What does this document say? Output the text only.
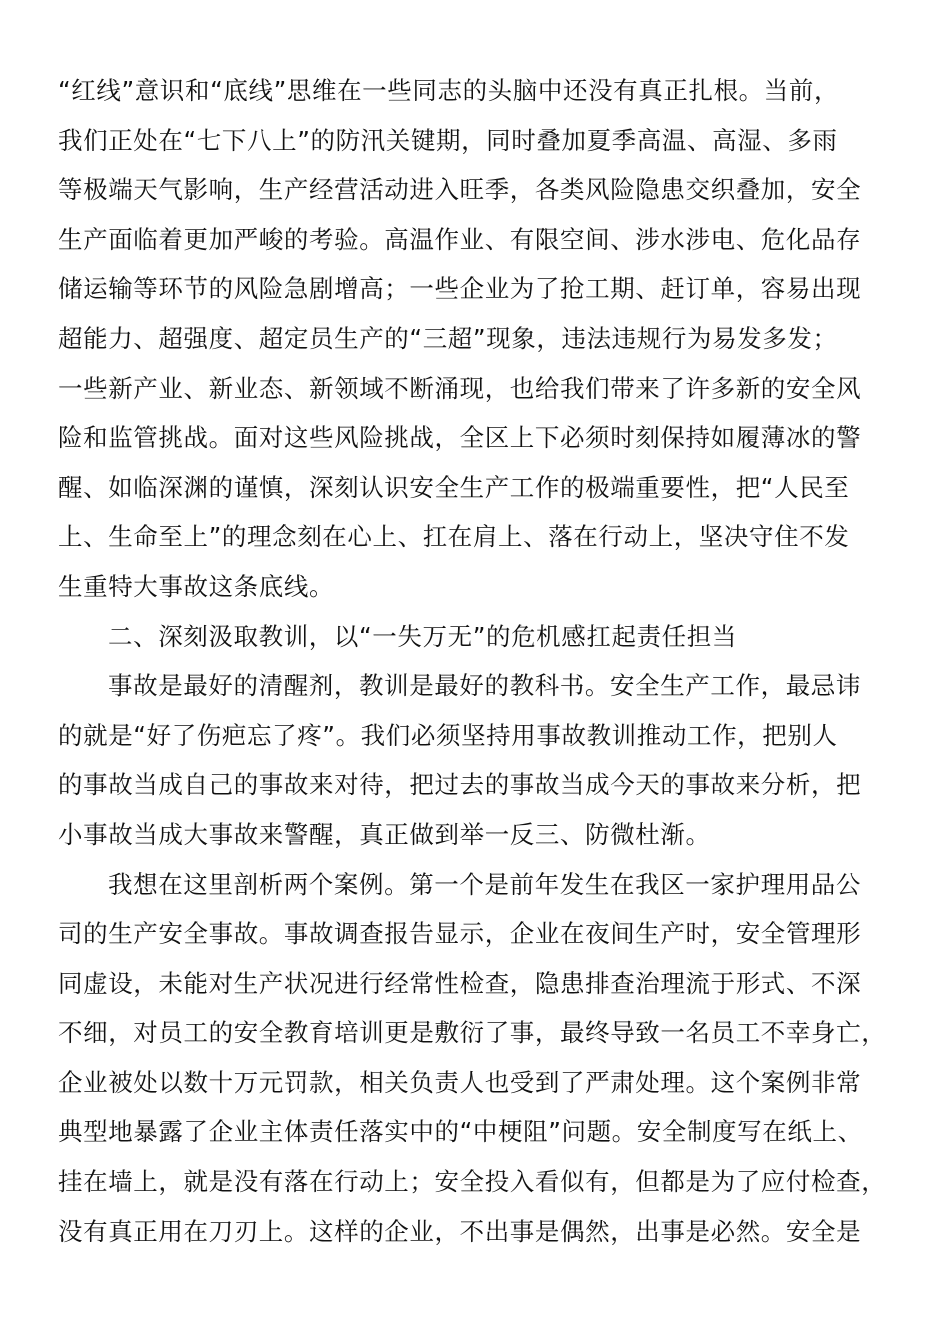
“红线”意识和“底线”思维在一些同志的头脑中还没有真正扎根。当前，
我们正处在“七下八上”的防汛关键期，同时叠加夏季高温、高湿、多雨
等极端天气影响，生产经营活动进入旺季，各类风险隐患交织叠加，安全
生产面临着更加严峻的考验。高温作业、有限空间、涉水涉电、危化品存
储运输等环节的风险急剧增高；一些企业为了抢工期、赶订单，容易出现
超能力、超强度、超定员生产的“三超”现象，违法违规行为易发多发；
一些新产业、新业态、新领域不断涌现，也给我们带来了许多新的安全风
险和监管挑战。面对这些风险挑战，全区上下必须时刻保持如履薄冰的警
醒、如临深渊的谨慎，深刻认识安全生产工作的极端重要性，把“人民至
上、生命至上”的理念刻在心上、扛在肩上、落在行动上，坚决守住不发
生重特大事故这条底线。
二、深刻汲取教训，以“一失万无”的危机感扛起责任担当
事故是最好的清醒剂，教训是最好的教科书。安全生产工作，最忌讳
的就是“好了伤疤忘了疼”。我们必须坚持用事故教训推动工作，把别人
的事故当成自己的事故来对待，把过去的事故当成今天的事故来分析，把
小事故当成大事故来警醒，真正做到举一反三、防微杜渐。
我想在这里剖析两个案例。第一个是前年发生在我区一家护理用品公
司的生产安全事故。事故调查报告显示，企业在夜间生产时，安全管理形
同虚设，未能对生产状况进行经常性检查，隐患排查治理流于形式、不深
不细，对员工的安全教育培训更是敷衍了事，最终导致一名员工不幸身亡，
企业被处以数十万元罚款，相关负责人也受到了严肃处理。这个案例非常
典型地暴露了企业主体责任落实中的“中梗阻”问题。安全制度写在纸上、
挂在墙上，就是没有落在行动上；安全投入看似有，但都是为了应付检查，
没有真正用在刀刃上。这样的企业，不出事是偶然，出事是必然。安全是
